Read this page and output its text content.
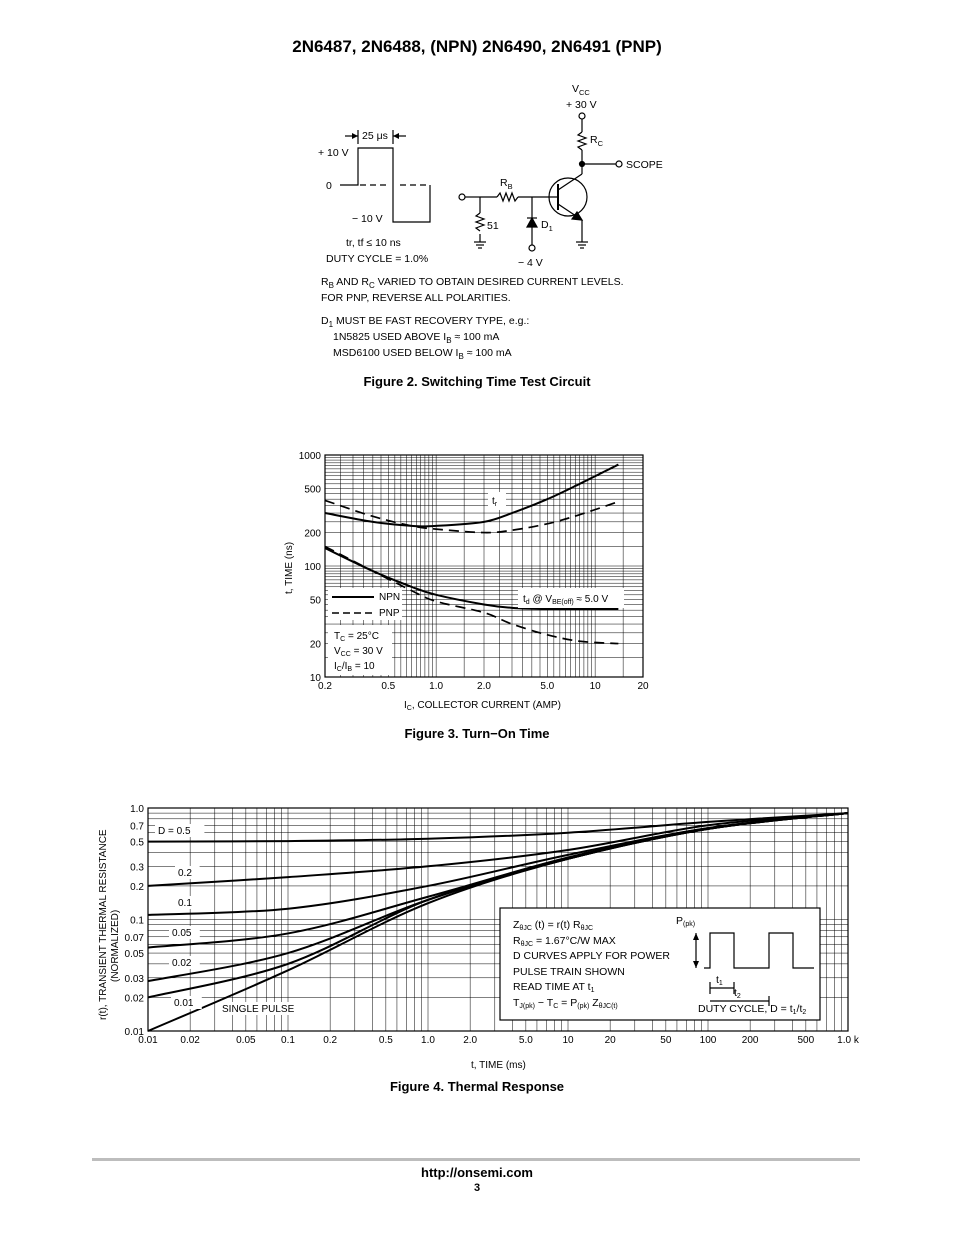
2N6487, 2N6488, (NPN) 2N6490, 2N6491 (PNP)
25 μs
+ 10 V
0
− 10 V
tr, tf ≤ 10 ns
DUTY CYCLE = 1.0%
$R_B$
51	$D_1$
− 4 V
$V_{CC}$
+ 30 V
$R_C$
SCOPE
$R_B$ AND $R_C$ VARIED TO OBTAIN DESIRED CURRENT LEVELS.
FOR PNP, REVERSE ALL POLARITIES.
$D_1$ MUST BE FAST RECOVERY TYPE, e.g.:
1N5825 USED ABOVE $I_B \approx 100$ mA
MSD6100 USED BELOW $I_B \approx 100$ mA
Figure 2. Switching Time Test Circuit
0.2	0.5	1.0	2.0	5.0	10	20
1000
500
200
100
50
20
10
NPN
PNP
$t_d$ @ $V_{BE(off)} \approx 5.0$ V
$t_r$
$T_C = 25^\circ C$
$V_{CC} = 30$ V
$I_C/I_B = 10$
t, TIME (ns)
$I_C$, COLLECTOR CURRENT (AMP)
Figure 3. Turn−On Time
0.01 0.02	0.05	0.1	0.2	0.5	1.0	2.0	5.0	10	20	50	100	200	500 1.0 k
1.0
0.7
0.5
0.3
0.2
0.1
0.07
0.05
0.03
0.02
0.01
D = 0.5
0.2
0.1
0.05
0.02
0.01
SINGLE PULSE
r(t), TRANSIENT THERMAL RESISTANCE (NORMALIZED)
t, TIME (ms)
ZθJC (t) = r(t) RθJC
RθJC = 1.67°C/W MAX
D CURVES APPLY FOR POWER
PULSE TRAIN SHOWN
READ TIME AT t1
TJ(pk) − TC = P(pk) ZθJC(t)
P(pk)
t1
t2
DUTY CYCLE, D = t1/t2
Figure 4. Thermal Response
http://onsemi.com
3
